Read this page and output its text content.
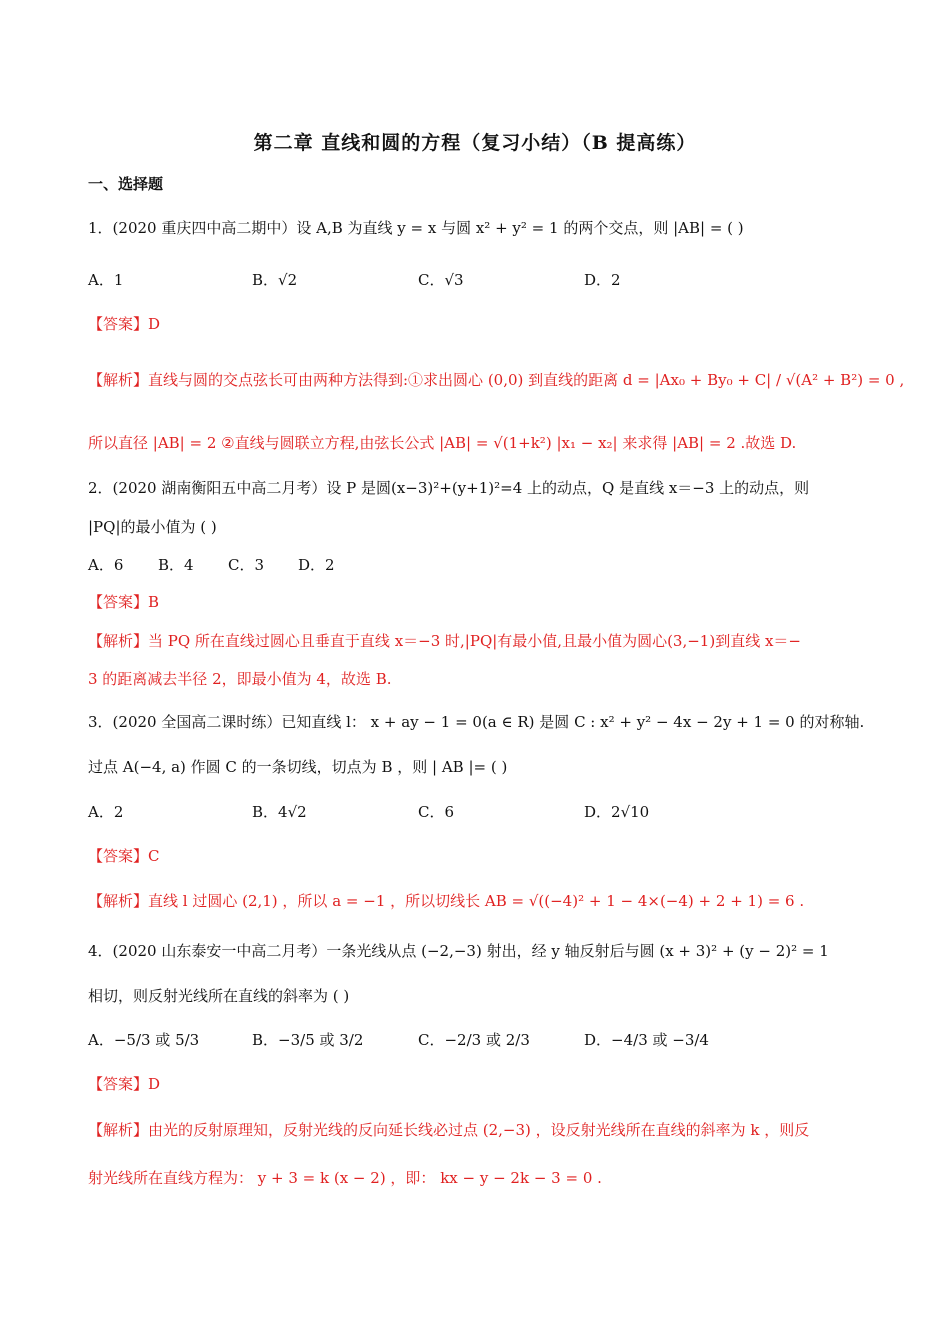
第二章 直线和圆的方程（复习小结）（B 提高练）
一、选择题
1．(2020 重庆四中高二期中）设 A,B 为直线 y = x 与圆 x² + y² = 1 的两个交点，则 |AB| = ( )
A．1	B．√2	C．√3	D．2
【答案】D
【解析】直线与圆的交点弦长可由两种方法得到:①求出圆心 (0,0) 到直线的距离 d = |Ax₀ + By₀ + C| / √(A² + B²) = 0 ,
所以直径 |AB| = 2 ②直线与圆联立方程,由弦长公式 |AB| = √(1+k²) |x₁ − x₂| 来求得 |AB| = 2 .故选 D.
2．(2020 湖南衡阳五中高二月考）设 P 是圆(x−3)²+(y+1)²=4 上的动点，Q 是直线 x＝−3 上的动点，则
|PQ|的最小值为 ( )
A．6 B．4 C．3 D．2
【答案】B
【解析】当 PQ 所在直线过圆心且垂直于直线 x＝−3 时,|PQ|有最小值,且最小值为圆心(3,−1)到直线 x＝−
3 的距离减去半径 2，即最小值为 4，故选 B.
3．(2020 全国高二课时练）已知直线 l： x + ay − 1 = 0(a ∈ R) 是圆 C : x² + y² − 4x − 2y + 1 = 0 的对称轴.
过点 A(−4, a) 作圆 C 的一条切线，切点为 B ，则 | AB |= ( )
A．2	B．4√2	C．6	D．2√10
【答案】C
【解析】直线 l 过圆心 (2,1) ，所以 a = −1 ，所以切线长 AB = √((−4)² + 1 − 4×(−4) + 2 + 1) = 6 .
4．(2020 山东泰安一中高二月考）一条光线从点 (−2,−3) 射出，经 y 轴反射后与圆 (x + 3)² + (y − 2)² = 1
相切，则反射光线所在直线的斜率为 ( )
A．−5/3 或 5/3	B．−3/5 或 3/2	C．−2/3 或 2/3	D．−4/3 或 −3/4
【答案】D
【解析】由光的反射原理知，反射光线的反向延长线必过点 (2,−3) ，设反射光线所在直线的斜率为 k ，则反
射光线所在直线方程为： y + 3 = k (x − 2) ，即： kx − y − 2k − 3 = 0 .
